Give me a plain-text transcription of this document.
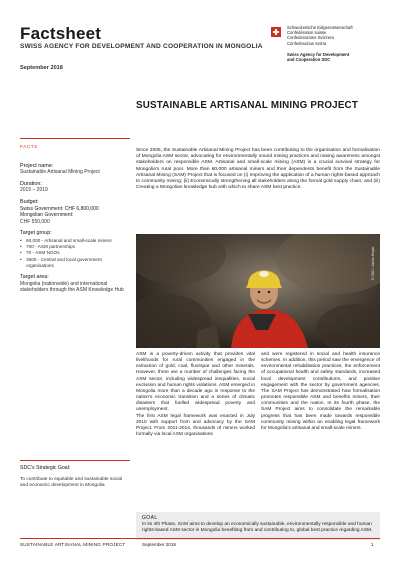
Factsheet
SWISS AGENCY FOR DEVELOPMENT AND COOPERATION IN MONGOLIA
September 2018
Schweizerische Eidgenossenschaft
Confédération suisse
Confederazione Svizzera
Confederaziun svizra
Swiss Agency for Development
and Cooperation SDC
SUSTAINABLE ARTISANAL MINING PROJECT
FACTS
Project name:
Sustainable Artisanal Mining Project
Duration:
2015 – 2019
Budget:
Swiss Government: CHF 6,800,000
Mongolian Government:
CHF 550,000
Target group:
• 60,000 - Artisanal and small-scale miners
• 700 - ASM partnerships
• 70 - ASM NGOs
• 3600 - Central and local government organisations
Target area:
Mongolia (nationwide) and international stakeholders through the ASM Knowledge Hub
SDC's Strategic Goal:
To contribute to equitable and sustainable social and economic development in Mongolia
Since 2005, the Sustainable Artisanal Mining Project has been contributing to the organisation and formalisation of Mongolia ASM sector, advocating for environmentally sound mining practices and raising awareness amongst stakeholders on responsible ASM. Artisanal and small-scale mining (ASM) is a crucial survival strategy for Mongolia's rural poor. More than 60,000 artisanal miners and their dependents benefit from the Sustainable Artisanal Mining (SAM) Project that is focused on (i) Improving the application of a human rights-based approach to community mining; (ii) Economically strengthening all stakeholders along the formal gold supply chain; and (iii) Creating a Mongolian knowledge hub with which to share ASM best practice.
© SDC / Jakob Jesper

ASM is a poverty-driven activity that provides vital livelihoods for rural communities engaged in the extraction of gold, coal, fluorspar and other minerals. However, there are a number of challenges facing the ASM sector, including widespread inequalities, social exclusion and human rights violations. ASM emerged in Mongolia more than a decade ago in response to the nation's economic transition and a series of climatic disasters that fuelled widespread poverty and unemployment.

The first ASM legal framework was enacted in July 2010 with support from and advocacy by the SAM Project. From 2011-2014, thousands of miners worked formally via local ASM organisations

and were registered in social and health insurance schemes. In addition, this period saw the emergence of environmental rehabilitation practices, the enforcement of occupational health and safety standards, increased local development contributions, and positive engagement with the sector by government agencies. The SAM Project has demonstrated how formalisation promotes responsible ASM and benefits miners, their communities and the nation. In its fourth phase, the SAM Project aims to consolidate the remarkable progress that has been made towards responsible community mining within an enabling legal framework for Mongolia's artisanal and small-scale miners.

GOAL
In its 4th Phase, SAM aims to develop an economically sustainable, environmentally responsible and human rights-based ASM sector in Mongolia benefiting from and contributing to, global best practice regarding ASM.
SUSTAINABLE ARTISANAL MINING PROJECT	September 2018	1
